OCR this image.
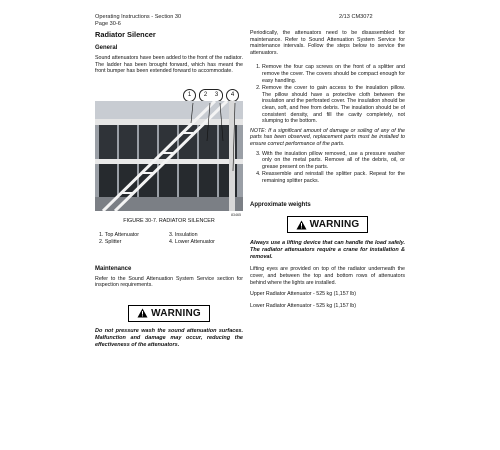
Operating Instructions - Section 30
Page 30-6
2/13 CM3072
Radiator Silencer
General

Sound attenuators have been added to the front of the radiator. The ladder has been brought forward, which has meant the front bumper has been extended forward to accommodate.

1	2	3	4
83465
FIGURE 30-7. RADIATOR SILENCER
1. Top Attenuator	3. Insulation
2. Splitter	4. Lower Attenuator
Maintenance

Refer to the Sound Attenuation System Service section for inspection requirements.

WARNING

Do not pressure wash the sound attenuation surfaces. Malfunction and damage may occur, reducing the effectiveness of the attenuators.

Periodically, the attenuators need to be disassembled for maintenance. Refer to Sound Attenuation System Service for maintenance intervals. Follow the steps below to service the attenuators.

1. Remove the four cap screws on the front of a splitter and remove the cover. The covers should be compact enough for easy handling.
2. Remove the cover to gain access to the insulation pillow. The pillow should have a protective cloth between the insulation and the perforated cover. The insulation should be clean, soft, and free from debris. The insulation should be of consistent density, and fill the cavity completely, not slumping to the bottom.

NOTE: If a significant amount of damage or soiling of any of the parts has been observed, replacement parts must be installed to ensure correct performance of the parts.

3. With the insulation pillow removed, use a pressure washer only on the metal parts. Remove all of the debris, oil, or grease present on the parts.
4. Reassemble and reinstall the splitter pack. Repeat for the remaining splitter packs.
Approximate weights
WARNING

Always use a lifting device that can handle the load safely. The radiator attenuators require a crane for installation & removal.

Lifting eyes are provided on top of the radiator underneath the cover, and between the top and bottom rows of attenuators behind where the lights are installed.

Upper Radiator Attenuator - 525 kg (1,157 lb)

Lower Radiator Attenuator - 525 kg (1,157 lb)
